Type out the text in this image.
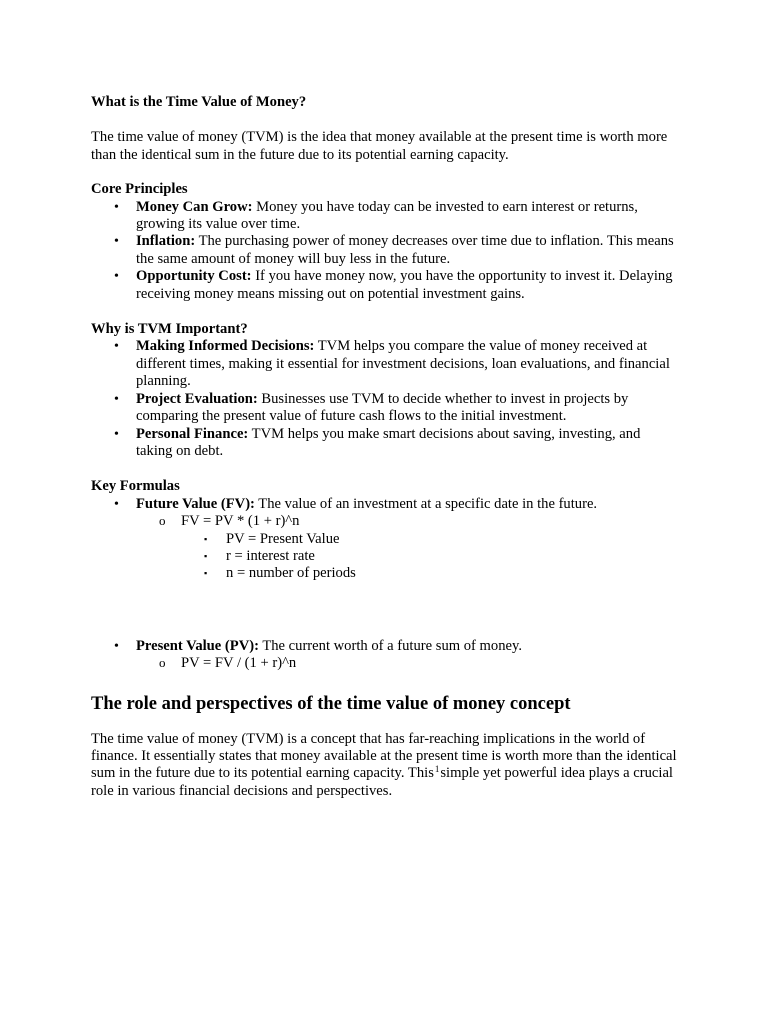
What is the Time Value of Money?

The time value of money (TVM) is the idea that money available at the present time is worth more than the identical sum in the future due to its potential earning capacity.

Core Principles

• Money Can Grow: Money you have today can be invested to earn interest or returns, growing its value over time.
• Inflation: The purchasing power of money decreases over time due to inflation. This means the same amount of money will buy less in the future.
• Opportunity Cost: If you have money now, you have the opportunity to invest it. Delaying receiving money means missing out on potential investment gains.

Why is TVM Important?

• Making Informed Decisions: TVM helps you compare the value of money received at different times, making it essential for investment decisions, loan evaluations, and financial planning.
• Project Evaluation: Businesses use TVM to decide whether to invest in projects by comparing the present value of future cash flows to the initial investment.
• Personal Finance: TVM helps you make smart decisions about saving, investing, and taking on debt.

Key Formulas

• Future Value (FV): The value of an investment at a specific date in the future.
o FV = PV * (1 + r)^n
▪ PV = Present Value
▪ r = interest rate
▪ n = number of periods
• Present Value (PV): The current worth of a future sum of money.
o PV = FV / (1 + r)^n

The role and perspectives of the time value of money concept

The time value of money (TVM) is a concept that has far-reaching implications in the world of finance. It essentially states that money available at the present time is worth more than the identical sum in the future due to its potential earning capacity. This$^1$simple yet powerful idea plays a crucial role in various financial decisions and perspectives.
